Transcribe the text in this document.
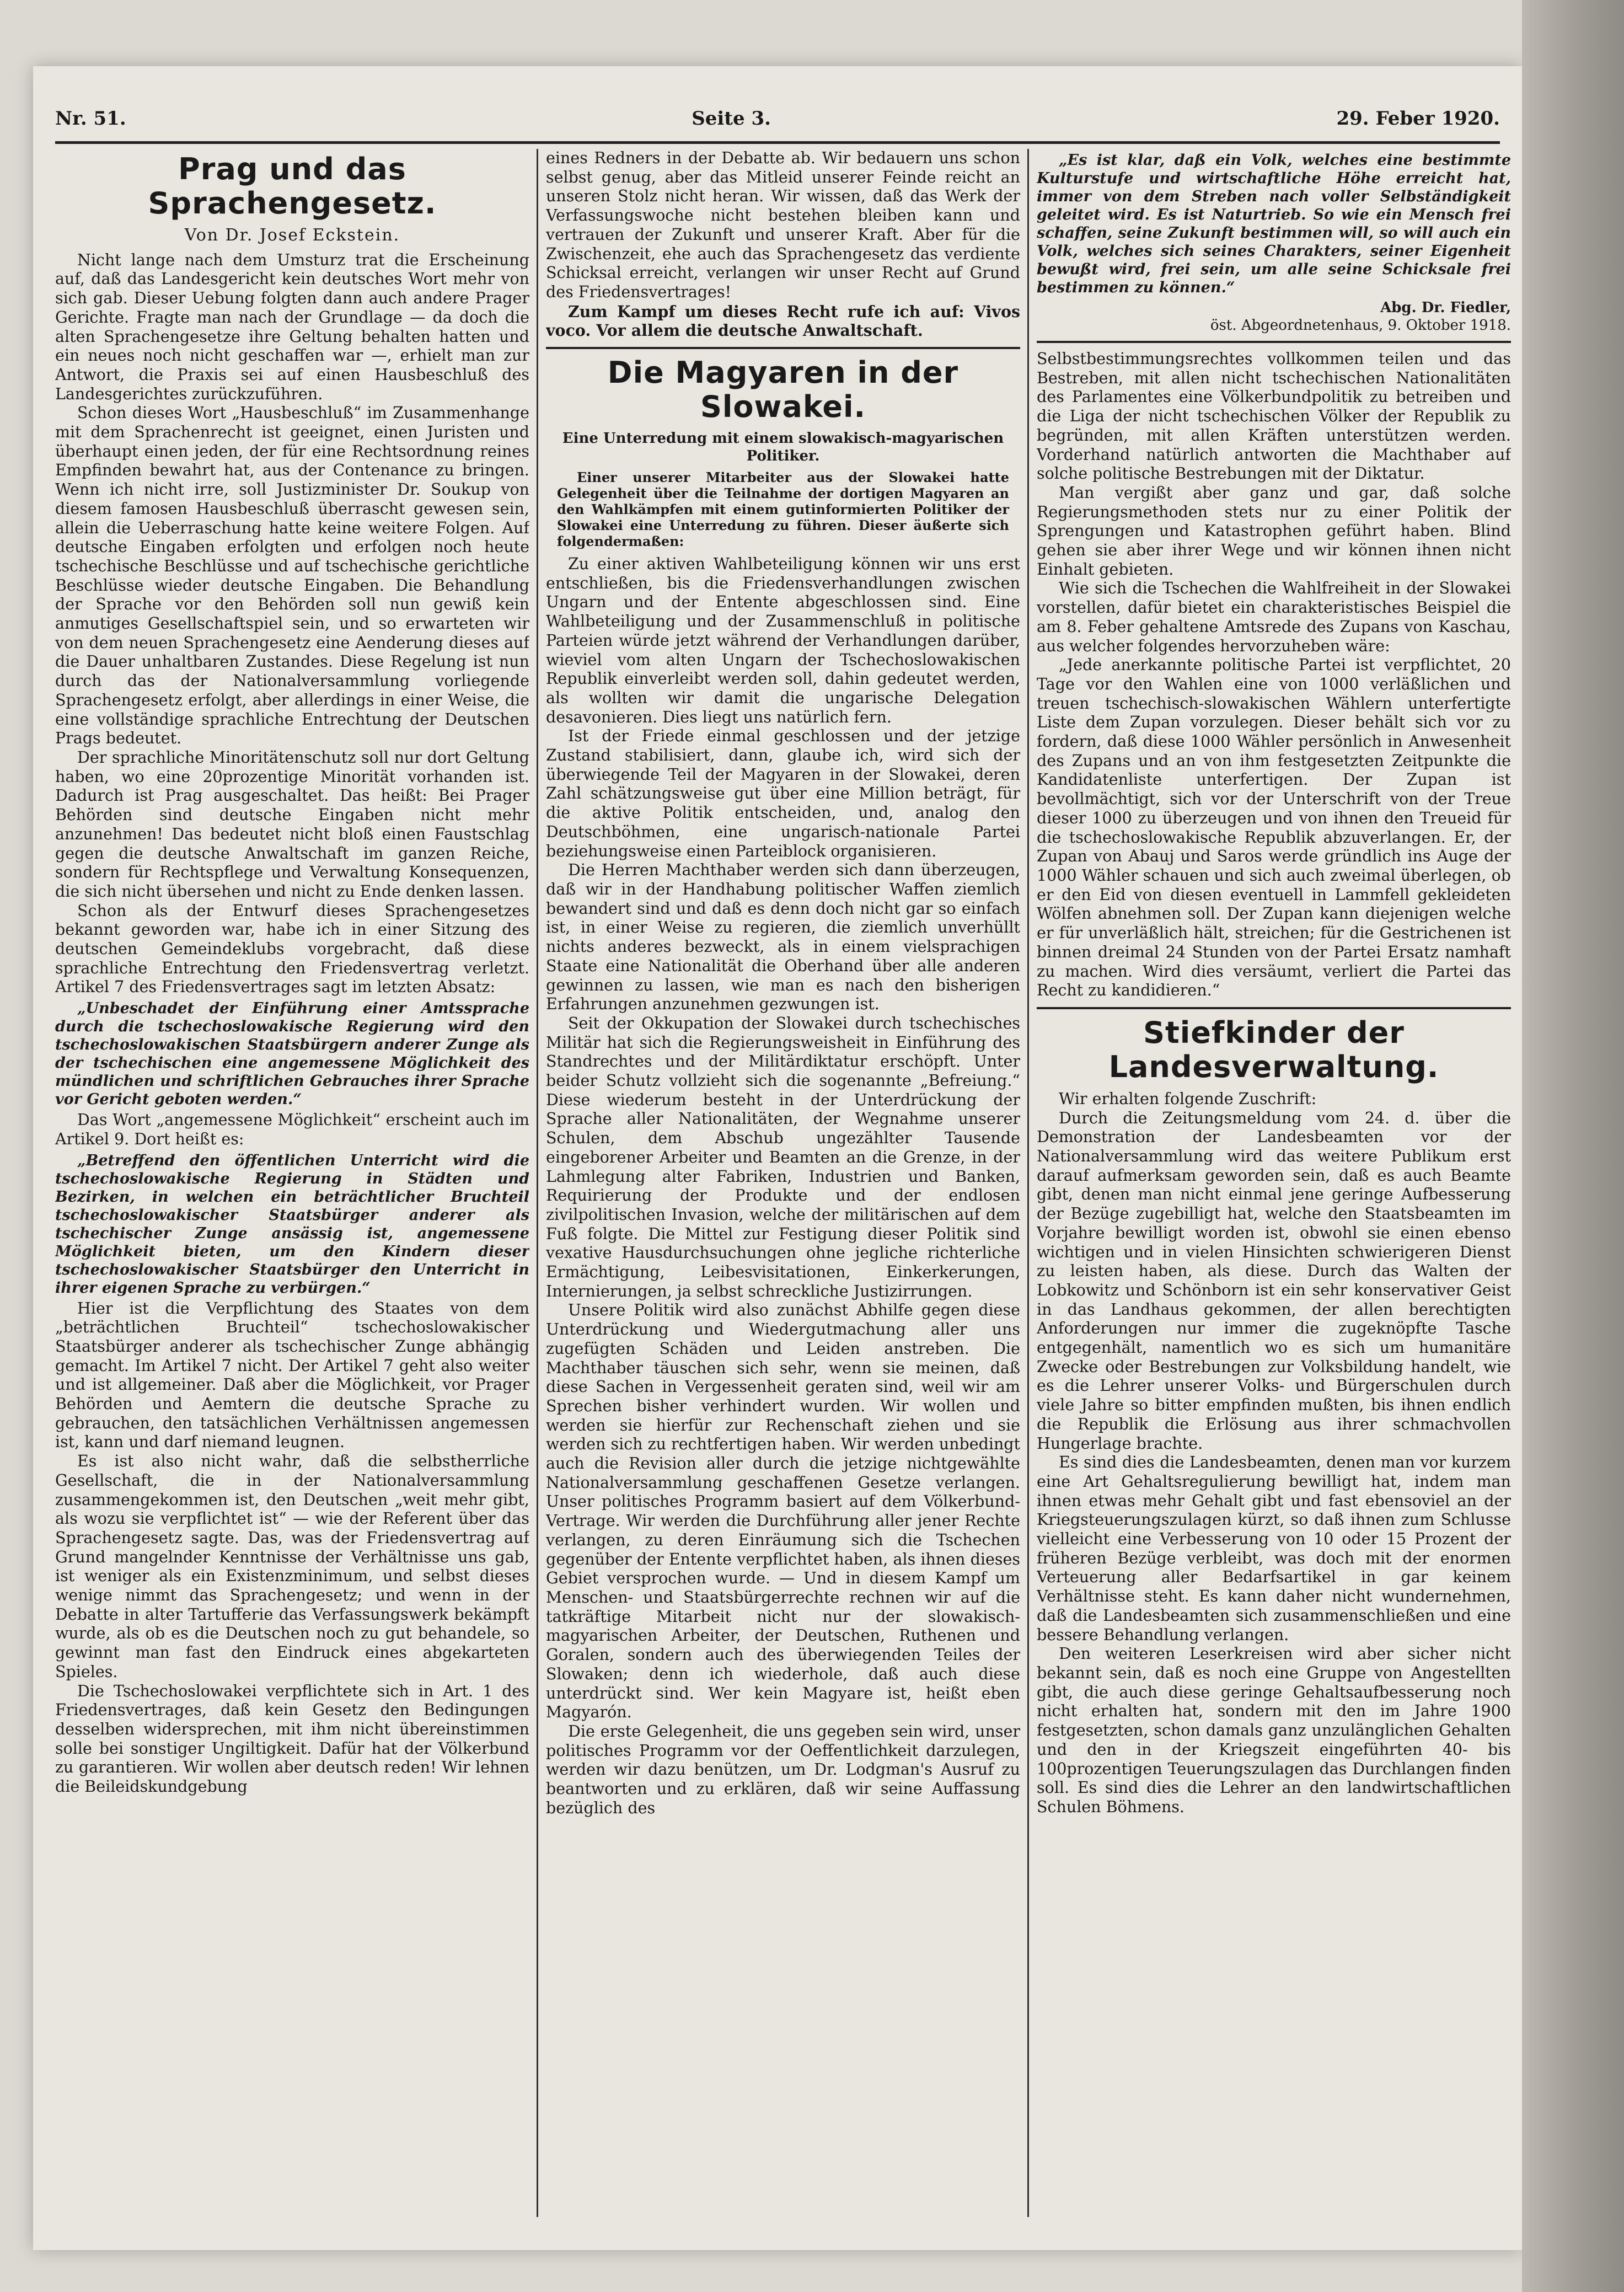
Nr. 51.	Seite 3.	29. Feber 1920.
Prag und das Sprachengesetz.
Von Dr. Josef Eckstein.

Nicht lange nach dem Umsturz trat die Erscheinung auf, daß das Landesgericht kein deutsches Wort mehr von sich gab. Dieser Uebung folgten dann auch andere Prager Gerichte. Fragte man nach der Grundlage — da doch die alten Sprachengesetze ihre Geltung behalten hatten und ein neues noch nicht geschaffen war —, erhielt man zur Antwort, die Praxis sei auf einen Hausbeschluß des Landesgerichtes zurückzuführen.

Schon dieses Wort „Hausbeschluß“ im Zusammenhange mit dem Sprachenrecht ist geeignet, einen Juristen und überhaupt einen jeden, der für eine Rechtsordnung reines Empfinden bewahrt hat, aus der Contenance zu bringen. Wenn ich nicht irre, soll Justizminister Dr. Soukup von diesem famosen Hausbeschluß überrascht gewesen sein, allein die Ueberraschung hatte keine weitere Folgen. Auf deutsche Eingaben erfolgten und erfolgen noch heute tschechische Beschlüsse und auf tschechische gerichtliche Beschlüsse wieder deutsche Eingaben. Die Behandlung der Sprache vor den Behörden soll nun gewiß kein anmutiges Gesellschaftspiel sein, und so erwarteten wir von dem neuen Sprachengesetz eine Aenderung dieses auf die Dauer unhaltbaren Zustandes. Diese Regelung ist nun durch das der Nationalversammlung vorliegende Sprachengesetz erfolgt, aber allerdings in einer Weise, die eine vollständige sprachliche Entrechtung der Deutschen Prags bedeutet.

Der sprachliche Minoritätenschutz soll nur dort Geltung haben, wo eine 20prozentige Minorität vorhanden ist. Dadurch ist Prag ausgeschaltet. Das heißt: Bei Prager Behörden sind deutsche Eingaben nicht mehr anzunehmen! Das bedeutet nicht bloß einen Faustschlag gegen die deutsche Anwaltschaft im ganzen Reiche, sondern für Rechtspflege und Verwaltung Konsequenzen, die sich nicht übersehen und nicht zu Ende denken lassen.

Schon als der Entwurf dieses Sprachengesetzes bekannt geworden war, habe ich in einer Sitzung des deutschen Gemeindeklubs vorgebracht, daß diese sprachliche Entrechtung den Friedensvertrag verletzt. Artikel 7 des Friedensvertrages sagt im letzten Absatz:

„Unbeschadet der Einführung einer Amtssprache durch die tschechoslowakische Regierung wird den tschechoslowakischen Staatsbürgern anderer Zunge als der tschechischen eine angemessene Möglichkeit des mündlichen und schriftlichen Gebrauches ihrer Sprache vor Gericht geboten werden.“

Das Wort „angemessene Möglichkeit“ erscheint auch im Artikel 9. Dort heißt es:

„Betreffend den öffentlichen Unterricht wird die tschechoslowakische Regierung in Städten und Bezirken, in welchen ein beträchtlicher Bruchteil tschechoslowakischer Staatsbürger anderer als tschechischer Zunge ansässig ist, angemessene Möglichkeit bieten, um den Kindern dieser tschechoslowakischer Staatsbürger den Unterricht in ihrer eigenen Sprache zu verbürgen.“

Hier ist die Verpflichtung des Staates von dem „beträchtlichen Bruchteil“ tschechoslowakischer Staatsbürger anderer als tschechischer Zunge abhängig gemacht. Im Artikel 7 nicht. Der Artikel 7 geht also weiter und ist allgemeiner. Daß aber die Möglichkeit, vor Prager Behörden und Aemtern die deutsche Sprache zu gebrauchen, den tatsächlichen Verhältnissen angemessen ist, kann und darf niemand leugnen.

Es ist also nicht wahr, daß die selbstherrliche Gesellschaft, die in der Nationalversammlung zusammengekommen ist, den Deutschen „weit mehr gibt, als wozu sie verpflichtet ist“ — wie der Referent über das Sprachengesetz sagte. Das, was der Friedensvertrag auf Grund mangelnder Kenntnisse der Verhältnisse uns gab, ist weniger als ein Existenzminimum, und selbst dieses wenige nimmt das Sprachengesetz; und wenn in der Debatte in alter Tartufferie das Verfassungswerk bekämpft wurde, als ob es die Deutschen noch zu gut behandele, so gewinnt man fast den Eindruck eines abgekarteten Spieles.

Die Tschechoslowakei verpflichtete sich in Art. 1 des Friedensvertrages, daß kein Gesetz den Bedingungen desselben widersprechen, mit ihm nicht übereinstimmen solle bei sonstiger Ungiltigkeit. Dafür hat der Völkerbund zu garantieren. Wir wollen aber deutsch reden! Wir lehnen die Beileidskundgebung

eines Redners in der Debatte ab. Wir bedauern uns schon selbst genug, aber das Mitleid unserer Feinde reicht an unseren Stolz nicht heran. Wir wissen, daß das Werk der Verfassungswoche nicht bestehen bleiben kann und vertrauen der Zukunft und unserer Kraft. Aber für die Zwischenzeit, ehe auch das Sprachengesetz das verdiente Schicksal erreicht, verlangen wir unser Recht auf Grund des Friedensvertrages!

Zum Kampf um dieses Recht rufe ich auf: Vivos voco. Vor allem die deutsche Anwaltschaft.

Die Magyaren in der Slowakei.
Eine Unterredung mit einem slowakisch-magyarischen Politiker.

Einer unserer Mitarbeiter aus der Slowakei hatte Gelegenheit über die Teilnahme der dortigen Magyaren an den Wahlkämpfen mit einem gutinformierten Politiker der Slowakei eine Unterredung zu führen. Dieser äußerte sich folgendermaßen:

Zu einer aktiven Wahlbeteiligung können wir uns erst entschließen, bis die Friedensverhandlungen zwischen Ungarn und der Entente abgeschlossen sind. Eine Wahlbeteiligung und der Zusammenschluß in politische Parteien würde jetzt während der Verhandlungen darüber, wieviel vom alten Ungarn der Tschechoslowakischen Republik einverleibt werden soll, dahin gedeutet werden, als wollten wir damit die ungarische Delegation desavonieren. Dies liegt uns natürlich fern.

Ist der Friede einmal geschlossen und der jetzige Zustand stabilisiert, dann, glaube ich, wird sich der überwiegende Teil der Magyaren in der Slowakei, deren Zahl schätzungsweise gut über eine Million beträgt, für die aktive Politik entscheiden, und, analog den Deutschböhmen, eine ungarisch-nationale Partei beziehungsweise einen Parteiblock organisieren.

Die Herren Machthaber werden sich dann überzeugen, daß wir in der Handhabung politischer Waffen ziemlich bewandert sind und daß es denn doch nicht gar so einfach ist, in einer Weise zu regieren, die ziemlich unverhüllt nichts anderes bezweckt, als in einem vielsprachigen Staate eine Nationalität die Oberhand über alle anderen gewinnen zu lassen, wie man es nach den bisherigen Erfahrungen anzunehmen gezwungen ist.

Seit der Okkupation der Slowakei durch tschechisches Militär hat sich die Regierungsweisheit in Einführung des Standrechtes und der Militärdiktatur erschöpft. Unter beider Schutz vollzieht sich die sogenannte „Befreiung.“ Diese wiederum besteht in der Unterdrückung der Sprache aller Nationalitäten, der Wegnahme unserer Schulen, dem Abschub ungezählter Tausende eingeborener Arbeiter und Beamten an die Grenze, in der Lahmlegung alter Fabriken, Industrien und Banken, Requirierung der Produkte und der endlosen zivilpolitischen Invasion, welche der militärischen auf dem Fuß folgte. Die Mittel zur Festigung dieser Politik sind vexative Hausdurchsuchungen ohne jegliche richterliche Ermächtigung, Leibesvisitationen, Einkerkerungen, Internierungen, ja selbst schreckliche Justizirrungen.

Unsere Politik wird also zunächst Abhilfe gegen diese Unterdrückung und Wiedergutmachung aller uns zugefügten Schäden und Leiden anstreben. Die Machthaber täuschen sich sehr, wenn sie meinen, daß diese Sachen in Vergessenheit geraten sind, weil wir am Sprechen bisher verhindert wurden. Wir wollen und werden sie hierfür zur Rechenschaft ziehen und sie werden sich zu rechtfertigen haben. Wir werden unbedingt auch die Revision aller durch die jetzige nichtgewählte Nationalversammlung geschaffenen Gesetze verlangen. Unser politisches Programm basiert auf dem Völkerbund-Vertrage. Wir werden die Durchführung aller jener Rechte verlangen, zu deren Einräumung sich die Tschechen gegenüber der Entente verpflichtet haben, als ihnen dieses Gebiet versprochen wurde. — Und in diesem Kampf um Menschen- und Staatsbürgerrechte rechnen wir auf die tatkräftige Mitarbeit nicht nur der slowakisch-magyarischen Arbeiter, der Deutschen, Ruthenen und Goralen, sondern auch des überwiegenden Teiles der Slowaken; denn ich wiederhole, daß auch diese unterdrückt sind. Wer kein Magyare ist, heißt eben Magyarón.

Die erste Gelegenheit, die uns gegeben sein wird, unser politisches Programm vor der Oeffentlichkeit darzulegen, werden wir dazu benützen, um Dr. Lodgman's Ausruf zu beantworten und zu erklären, daß wir seine Auffassung bezüglich des

„Es ist klar, daß ein Volk, welches eine bestimmte Kulturstufe und wirtschaftliche Höhe erreicht hat, immer von dem Streben nach voller Selbständigkeit geleitet wird. Es ist Naturtrieb. So wie ein Mensch frei schaffen, seine Zukunft bestimmen will, so will auch ein Volk, welches sich seines Charakters, seiner Eigenheit bewußt wird, frei sein, um alle seine Schicksale frei bestimmen zu können.“

Abg. Dr. Fiedler,
öst. Abgeordnetenhaus, 9. Oktober 1918.

Selbstbestimmungsrechtes vollkommen teilen und das Bestreben, mit allen nicht tschechischen Nationalitäten des Parlamentes eine Völkerbundpolitik zu betreiben und die Liga der nicht tschechischen Völker der Republik zu begründen, mit allen Kräften unterstützen werden. Vorderhand natürlich antworten die Machthaber auf solche politische Bestrebungen mit der Diktatur.

Man vergißt aber ganz und gar, daß solche Regierungsmethoden stets nur zu einer Politik der Sprengungen und Katastrophen geführt haben. Blind gehen sie aber ihrer Wege und wir können ihnen nicht Einhalt gebieten.

Wie sich die Tschechen die Wahlfreiheit in der Slowakei vorstellen, dafür bietet ein charakteristisches Beispiel die am 8. Feber gehaltene Amtsrede des Zupans von Kaschau, aus welcher folgendes hervorzuheben wäre:

„Jede anerkannte politische Partei ist verpflichtet, 20 Tage vor den Wahlen eine von 1000 verläßlichen und treuen tschechisch-slowakischen Wählern unterfertigte Liste dem Zupan vorzulegen. Dieser behält sich vor zu fordern, daß diese 1000 Wähler persönlich in Anwesenheit des Zupans und an von ihm festgesetzten Zeitpunkte die Kandidatenliste unterfertigen. Der Zupan ist bevollmächtigt, sich vor der Unterschrift von der Treue dieser 1000 zu überzeugen und von ihnen den Treueid für die tschechoslowakische Republik abzuverlangen. Er, der Zupan von Abauj und Saros werde gründlich ins Auge der 1000 Wähler schauen und sich auch zweimal überlegen, ob er den Eid von diesen eventuell in Lammfell gekleideten Wölfen abnehmen soll. Der Zupan kann diejenigen welche er für unverläßlich hält, streichen; für die Gestrichenen ist binnen dreimal 24 Stunden von der Partei Ersatz namhaft zu machen. Wird dies versäumt, verliert die Partei das Recht zu kandidieren.“

Stiefkinder der Landesverwaltung.

Wir erhalten folgende Zuschrift:

Durch die Zeitungsmeldung vom 24. d. über die Demonstration der Landesbeamten vor der Nationalversammlung wird das weitere Publikum erst darauf aufmerksam geworden sein, daß es auch Beamte gibt, denen man nicht einmal jene geringe Aufbesserung der Bezüge zugebilligt hat, welche den Staatsbeamten im Vorjahre bewilligt worden ist, obwohl sie einen ebenso wichtigen und in vielen Hinsichten schwierigeren Dienst zu leisten haben, als diese. Durch das Walten der Lobkowitz und Schönborn ist ein sehr konservativer Geist in das Landhaus gekommen, der allen berechtigten Anforderungen nur immer die zugeknöpfte Tasche entgegenhält, namentlich wo es sich um humanitäre Zwecke oder Bestrebungen zur Volksbildung handelt, wie es die Lehrer unserer Volks- und Bürgerschulen durch viele Jahre so bitter empfinden mußten, bis ihnen endlich die Republik die Erlösung aus ihrer schmachvollen Hungerlage brachte.

Es sind dies die Landesbeamten, denen man vor kurzem eine Art Gehaltsregulierung bewilligt hat, indem man ihnen etwas mehr Gehalt gibt und fast ebensoviel an der Kriegsteuerungszulagen kürzt, so daß ihnen zum Schlusse vielleicht eine Verbesserung von 10 oder 15 Prozent der früheren Bezüge verbleibt, was doch mit der enormen Verteuerung aller Bedarfsartikel in gar keinem Verhältnisse steht. Es kann daher nicht wundernehmen, daß die Landesbeamten sich zusammenschließen und eine bessere Behandlung verlangen.

Den weiteren Leserkreisen wird aber sicher nicht bekannt sein, daß es noch eine Gruppe von Angestellten gibt, die auch diese geringe Gehaltsaufbesserung noch nicht erhalten hat, sondern mit den im Jahre 1900 festgesetzten, schon damals ganz unzulänglichen Gehalten und den in der Kriegszeit eingeführten 40- bis 100prozentigen Teuerungszulagen das Durchlangen finden soll. Es sind dies die Lehrer an den landwirtschaftlichen Schulen Böhmens.
